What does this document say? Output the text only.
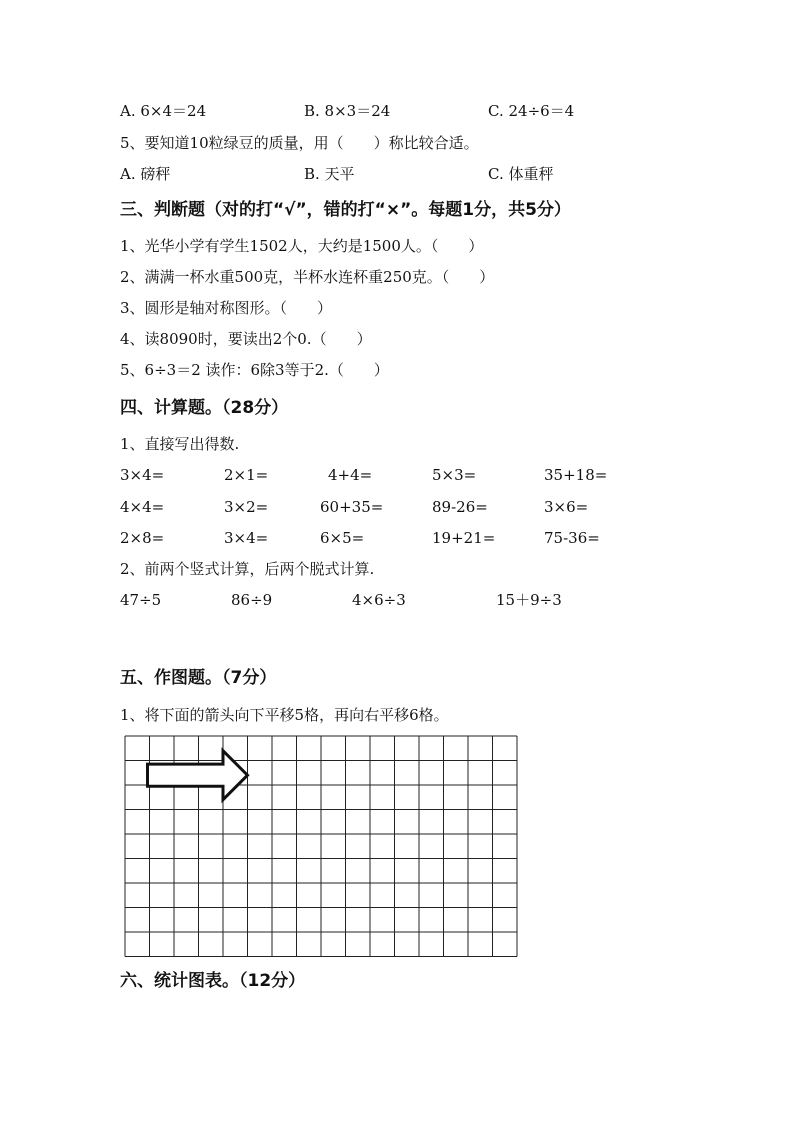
A. 6×4＝24	B. 8×3＝24	C. 24÷6＝4
5、要知道10粒绿豆的质量，用（　　）称比较合适。
A. 磅秤	B. 天平	C. 体重秤
三、判断题（对的打“√”，错的打“×”。每题1分，共5分）
1、光华小学有学生1502人，大约是1500人。（　　）
2、满满一杯水重500克，半杯水连杯重250克。（　　）
3、圆形是轴对称图形。（　　）
4、读8090时，要读出2个0.（　　）
5、6÷3＝2 读作：6除3等于2.（　　）
四、计算题。（28分）
1、直接写出得数.
3×4=	2×1=	4+4=	5×3=	35+18=
4×4=	3×2=	60+35=	89-26=	3×6=
2×8=	3×4=	6×5=	19+21=	75-36=
2、前两个竖式计算，后两个脱式计算.
47÷5	86÷9	4×6÷3	15＋9÷3
五、作图题。（7分）
1、将下面的箭头向下平移5格，再向右平移6格。
六、统计图表。（12分）
